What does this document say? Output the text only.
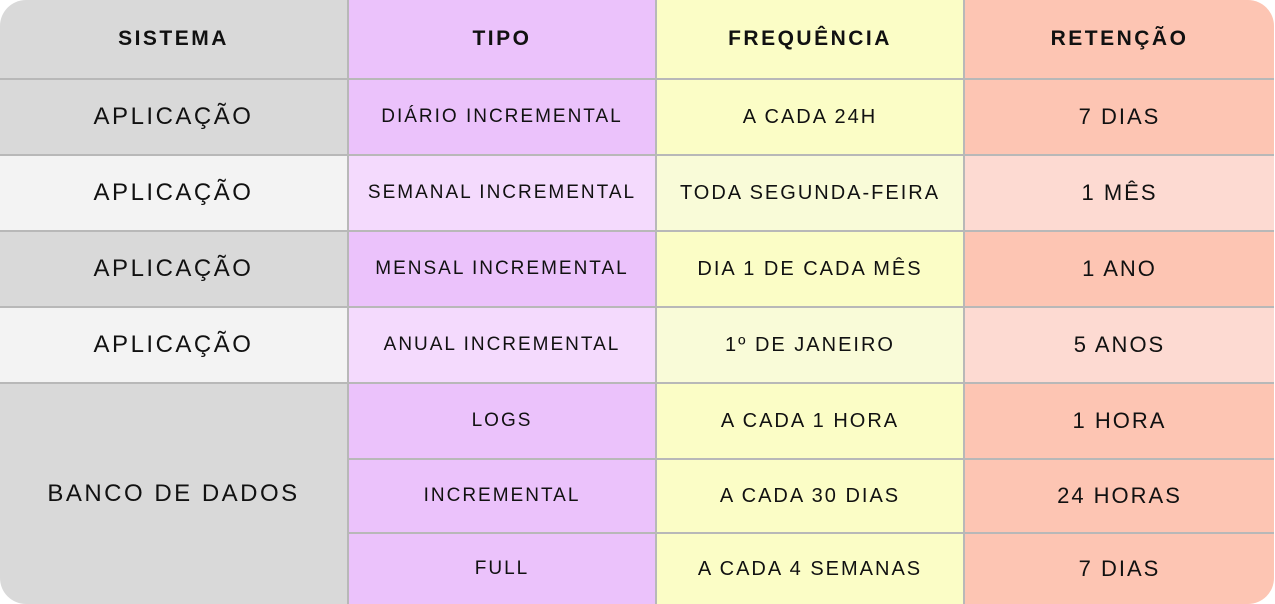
SISTEMA	TIPO	FREQUÊNCIA	RETENÇÃO
APLICAÇÃO	DIÁRIO INCREMENTAL	A CADA 24H	7 DIAS
APLICAÇÃO	SEMANAL INCREMENTAL	TODA SEGUNDA-FEIRA	1 MÊS
APLICAÇÃO	MENSAL INCREMENTAL	DIA 1 DE CADA MÊS	1 ANO
APLICAÇÃO	ANUAL INCREMENTAL	1º DE JANEIRO	5 ANOS
BANCO DE DADOS
LOGS	A CADA 1 HORA	1 HORA
INCREMENTAL	A CADA 30 DIAS	24 HORAS
FULL	A CADA 4 SEMANAS	7 DIAS
